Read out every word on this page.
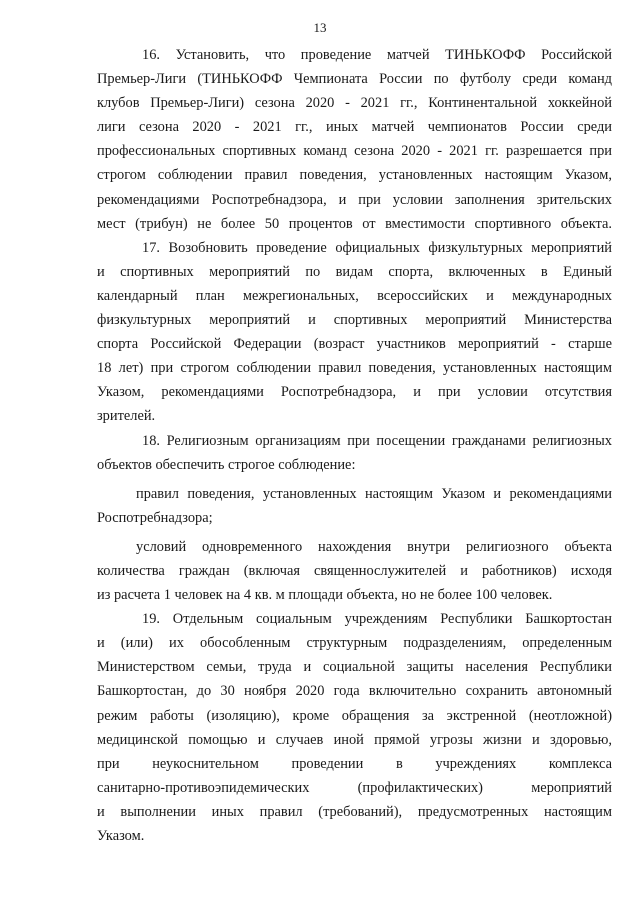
13
16. Установить, что проведение матчей ТИНЬКОФФ Российской
Премьер-Лиги (ТИНЬКОФФ Чемпионата России по футболу среди команд
клубов Премьер-Лиги) сезона 2020 - 2021 гг., Континентальной хоккейной
лиги сезона 2020 - 2021 гг., иных матчей чемпионатов России среди
профессиональных спортивных команд сезона 2020 - 2021 гг. разрешается при
строгом соблюдении правил поведения, установленных настоящим Указом,
рекомендациями Роспотребнадзора, и при условии заполнения зрительских
мест (трибун) не более 50 процентов от вместимости спортивного объекта.
17. Возобновить проведение официальных физкультурных мероприятий
и спортивных мероприятий по видам спорта, включенных в Единый
календарный план межрегиональных, всероссийских и международных
физкультурных мероприятий и спортивных мероприятий Министерства
спорта Российской Федерации (возраст участников мероприятий - старше
18 лет) при строгом соблюдении правил поведения, установленных настоящим
Указом, рекомендациями Роспотребнадзора, и при условии отсутствия
зрителей.
18. Религиозным организациям при посещении гражданами религиозных
объектов обеспечить строгое соблюдение:
правил поведения, установленных настоящим Указом и рекомендациями
Роспотребнадзора;
условий одновременного нахождения внутри религиозного объекта
количества граждан (включая священнослужителей и работников) исходя
из расчета 1 человек на 4 кв. м площади объекта, но не более 100 человек.
19. Отдельным социальным учреждениям Республики Башкортостан
и (или) их обособленным структурным подразделениям, определенным
Министерством семьи, труда и социальной защиты населения Республики
Башкортостан, до 30 ноября 2020 года включительно сохранить автономный
режим работы (изоляцию), кроме обращения за экстренной (неотложной)
медицинской помощью и случаев иной прямой угрозы жизни и здоровью,
при неукоснительном проведении в учреждениях комплекса
санитарно-противоэпидемических (профилактических) мероприятий
и выполнении иных правил (требований), предусмотренных настоящим
Указом.
